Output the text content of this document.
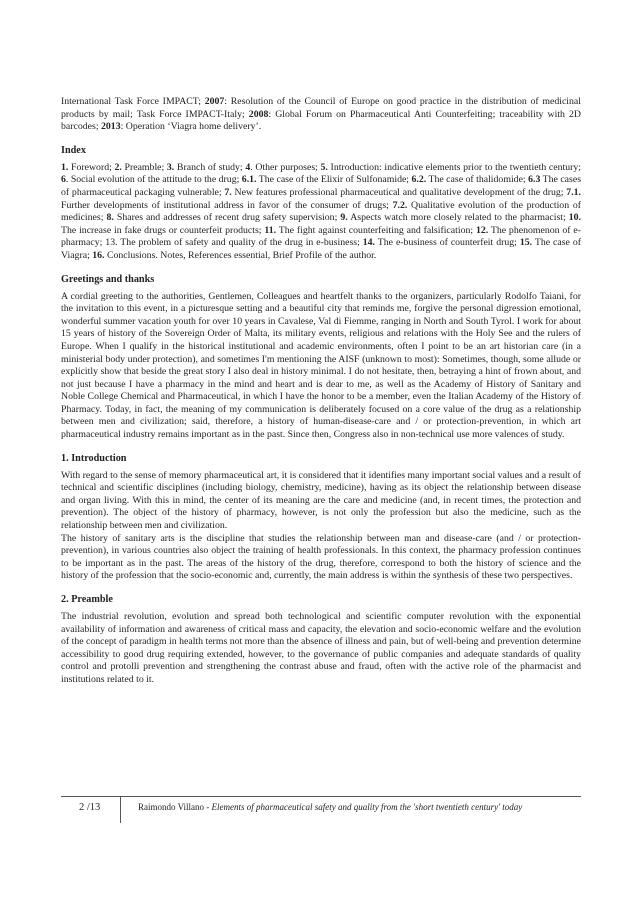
International Task Force IMPACT; 2007: Resolution of the Council of Europe on good practice in the distribution of medicinal products by mail; Task Force IMPACT-Italy; 2008: Global Forum on Pharmaceutical Anti Counterfeiting; traceability with 2D barcodes; 2013: Operation ‘Viagra home delivery’.

Index

1. Foreword; 2. Preamble; 3. Branch of study; 4. Other purposes; 5. Introduction: indicative elements prior to the twentieth century; 6. Social evolution of the attitude to the drug; 6.1. The case of the Elixir of Sulfonamide; 6.2. The case of thalidomide; 6.3 The cases of pharmaceutical packaging vulnerable; 7. New features professional pharmaceutical and qualitative development of the drug; 7.1. Further developments of institutional address in favor of the consumer of drugs; 7.2. Qualitative evolution of the production of medicines; 8. Shares and addresses of recent drug safety supervision; 9. Aspects watch more closely related to the pharmacist; 10. The increase in fake drugs or counterfeit products; 11. The fight against counterfeiting and falsification; 12. The phenomenon of e-pharmacy; 13. The problem of safety and quality of the drug in e-business; 14. The e-business of counterfeit drug; 15. The case of Viagra; 16. Conclusions. Notes, References essential, Brief Profile of the author.

Greetings and thanks

A cordial greeting to the authorities, Gentlemen, Colleagues and heartfelt thanks to the organizers, particularly Rodolfo Taiani, for the invitation to this event, in a picturesque setting and a beautiful city that reminds me, forgive the personal digression emotional, wonderful summer vacation youth for over 10 years in Cavalese, Val di Fiemme, ranging in North and South Tyrol. I work for about 15 years of history of the Sovereign Order of Malta, its military events, religious and relations with the Holy See and the rulers of Europe. When I qualify in the historical institutional and academic environments, often I point to be an art historian care (in a ministerial body under protection), and sometimes I'm mentioning the AISF (unknown to most): Sometimes, though, some allude or explicitly show that beside the great story I also deal in history minimal. I do not hesitate, then, betraying a hint of frown about, and not just because I have a pharmacy in the mind and heart and is dear to me, as well as the Academy of History of Sanitary and Noble College Chemical and Pharmaceutical, in which I have the honor to be a member, even the Italian Academy of the History of Pharmacy. Today, in fact, the meaning of my communication is deliberately focused on a core value of the drug as a relationship between men and civilization; said, therefore, a history of human-disease-care and / or protection-prevention, in which art pharmaceutical industry remains important as in the past. Since then, Congress also in non-technical use more valences of study.

1. Introduction

With regard to the sense of memory pharmaceutical art, it is considered that it identifies many important social values and a result of technical and scientific disciplines (including biology, chemistry, medicine), having as its object the relationship between disease and organ living. With this in mind, the center of its meaning are the care and medicine (and, in recent times, the protection and prevention). The object of the history of pharmacy, however, is not only the profession but also the medicine, such as the relationship between men and civilization.

The history of sanitary arts is the discipline that studies the relationship between man and disease-care (and / or protection-prevention), in various countries also object the training of health professionals. In this context, the pharmacy profession continues to be important as in the past. The areas of the history of the drug, therefore, correspond to both the history of science and the history of the profession that the socio-economic and, currently, the main address is within the synthesis of these two perspectives.

2. Preamble

The industrial revolution, evolution and spread both technological and scientific computer revolution with the exponential availability of information and awareness of critical mass and capacity, the elevation and socio-economic welfare and the evolution of the concept of paradigm in health terms not more than the absence of illness and pain, but of well-being and prevention determine accessibility to good drug requiring extended, however, to the governance of public companies and adequate standards of quality control and protolli prevention and strengthening the contrast abuse and fraud, often with the active role of the pharmacist and institutions related to it.

2 /13	Raimondo Villano - Elements of pharmaceutical safety and quality from the 'short twentieth century' today
